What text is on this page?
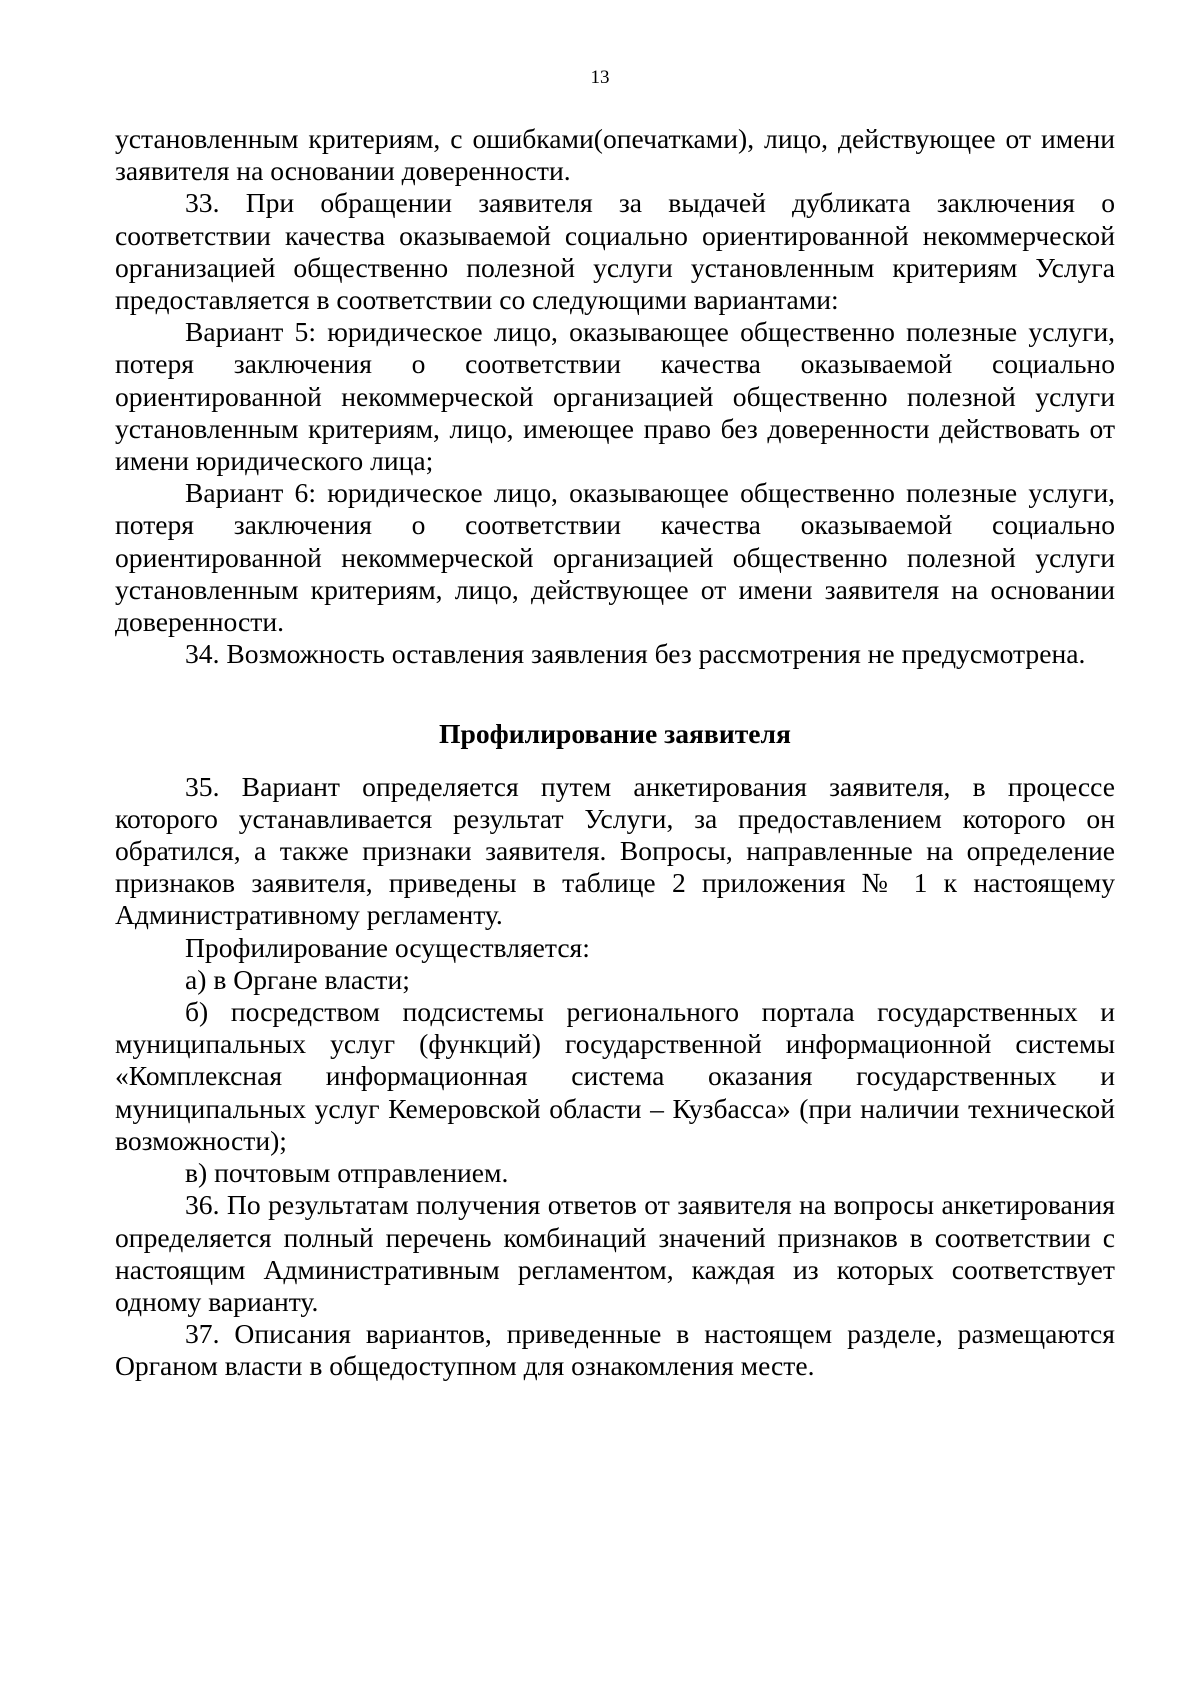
13

установленным критериям, с ошибками(опечатками), лицо, действующее от имени заявителя на основании доверенности.

33. При обращении заявителя за выдачей дубликата заключения о соответствии качества оказываемой социально ориентированной некоммерческой организацией общественно полезной услуги установленным критериям Услуга предоставляется в соответствии со следующими вариантами:

Вариант 5: юридическое лицо, оказывающее общественно полезные услуги, потеря заключения о соответствии качества оказываемой социально ориентированной некоммерческой организацией общественно полезной услуги установленным критериям, лицо, имеющее право без доверенности действовать от имени юридического лица;

Вариант 6: юридическое лицо, оказывающее общественно полезные услуги, потеря заключения о соответствии качества оказываемой социально ориентированной некоммерческой организацией общественно полезной услуги установленным критериям, лицо, действующее от имени заявителя на основании доверенности.

34. Возможность оставления заявления без рассмотрения не предусмотрена.

Профилирование заявителя

35. Вариант определяется путем анкетирования заявителя, в процессе которого устанавливается результат Услуги, за предоставлением которого он обратился, а также признаки заявителя. Вопросы, направленные на определение признаков заявителя, приведены в таблице 2 приложения № 1 к настоящему Административному регламенту.

Профилирование осуществляется:

а) в Органе власти;

б) посредством подсистемы регионального портала государственных и муниципальных услуг (функций) государственной информационной системы «Комплексная информационная система оказания государственных и муниципальных услуг Кемеровской области – Кузбасса» (при наличии технической возможности);

в) почтовым отправлением.

36. По результатам получения ответов от заявителя на вопросы анкетирования определяется полный перечень комбинаций значений признаков в соответствии с настоящим Административным регламентом, каждая из которых соответствует одному варианту.

37. Описания вариантов, приведенные в настоящем разделе, размещаются Органом власти в общедоступном для ознакомления месте.
